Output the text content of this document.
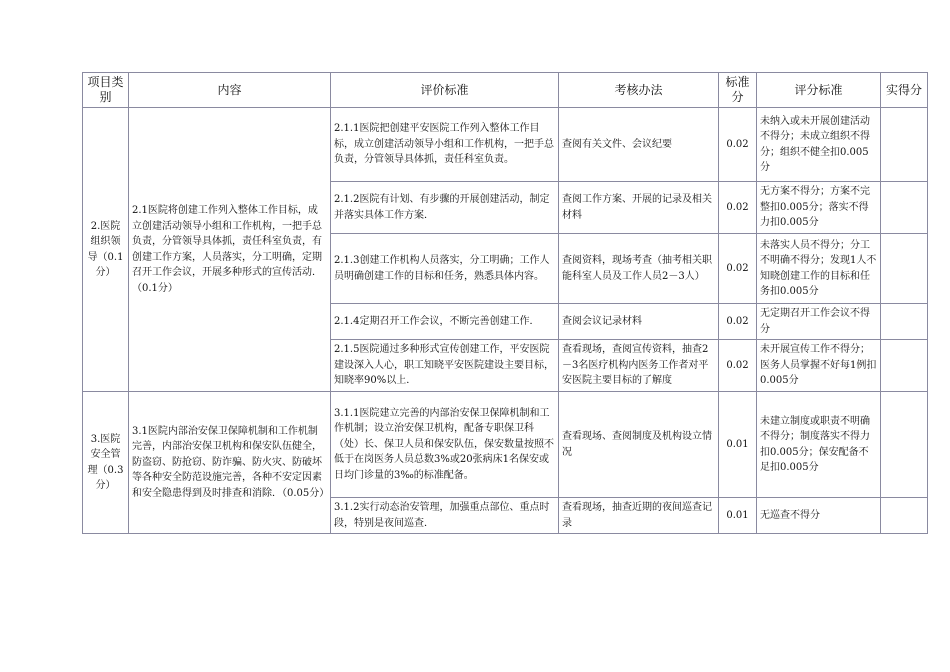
项目类别	内容	评价标准	考核办法	标准分	评分标准	实得分
2.医院组织领导（0.1分）	2.1医院将创建工作列入整体工作目标，成立创建活动领导小组和工作机构，一把手总负责，分管领导具体抓，责任科室负责，有创建工作方案，人员落实，分工明确，定期召开工作会议，开展多种形式的宣传活动．（0.1分）	2.1.1医院把创建平安医院工作列入整体工作目标，成立创建活动领导小组和工作机构，一把手总负责，分管领导具体抓，责任科室负责。	查阅有关文件、会议纪要	0.02	未纳入或未开展创建活动不得分；未成立组织不得分；组织不健全扣0.005分	
		2.1.2医院有计划、有步骤的开展创建活动，制定并落实具体工作方案．	查阅工作方案、开展的记录及相关材料	0.02	无方案不得分；方案不完整扣0.005分；落实不得力扣0.005分	
		2.1.3创建工作机构人员落实，分工明确；工作人员明确创建工作的目标和任务，熟悉具体内容。	查阅资料，现场考查（抽考相关职能科室人员及工作人员2－3人）	0.02	未落实人员不得分；分工不明确不得分；发现1人不知晓创建工作的目标和任务扣0.005分	
		2.1.4定期召开工作会议，不断完善创建工作．	查阅会议记录材料	0.02	无定期召开工作会议不得分	
		2.1.5医院通过多种形式宣传创建工作，平安医院建设深入人心，职工知晓平安医院建设主要目标，知晓率90%以上．	查看现场，查阅宣传资料，抽查2－3名医疗机构内医务工作者对平安医院主要目标的了解度	0.02	未开展宣传工作不得分；医务人员掌握不好每1例扣0.005分	
3.医院安全管理（0.3分）	3.1医院内部治安保卫保障机制和工作机制完善，内部治安保卫机构和保安队伍健全，防盗窃、防抢窃、防诈骗、防火灾、防破坏等各种安全防范设施完善，各种不安定因素和安全隐患得到及时排查和消除．（0.05分）	3.1.1医院建立完善的内部治安保卫保障机制和工作机制；设立治安保卫机构，配备专职保卫科（处）长、保卫人员和保安队伍，保安数量按照不低于在岗医务人员总数3%或20张病床1名保安或日均门诊量的3‰的标准配备。	查看现场、查阅制度及机构设立情况	0.01	未建立制度或职责不明确不得分；制度落实不得力扣0.005分；保安配备不足扣0.005分	
		3.1.2实行动态治安管理，加强重点部位、重点时段，特别是夜间巡查．	查看现场，抽查近期的夜间巡查记录	0.01	无巡查不得分	
